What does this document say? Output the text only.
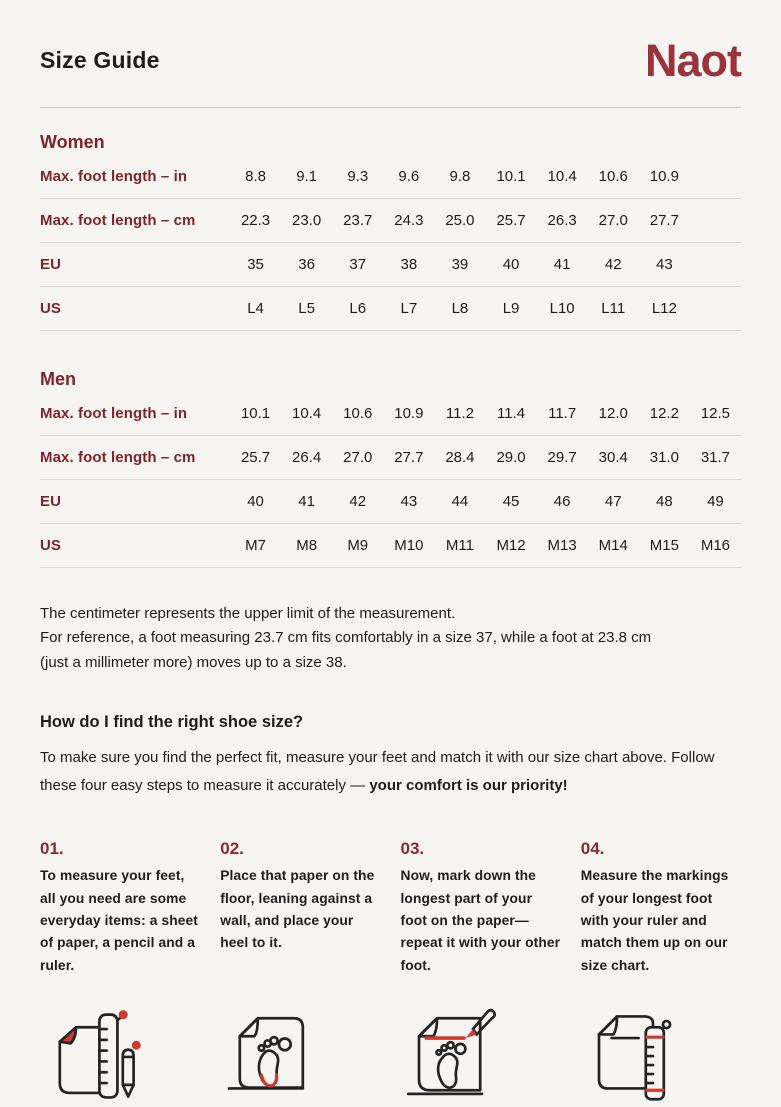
Size Guide	Naot
Women
Max. foot length – in	8.8	9.1	9.3	9.6	9.8	10.1	10.4	10.6	10.9
Max. foot length – cm	22.3	23.0	23.7	24.3	25.0	25.7	26.3	27.0	27.7
EU	35	36	37	38	39	40	41	42	43
US	L4	L5	L6	L7	L8	L9	L10	L11	L12
Men
Max. foot length – in	10.1	10.4	10.6	10.9	11.2	11.4	11.7	12.0	12.2	12.5
Max. foot length – cm	25.7	26.4	27.0	27.7	28.4	29.0	29.7	30.4	31.0	31.7
EU	40	41	42	43	44	45	46	47	48	49
US	M7	M8	M9	M10	M11	M12	M13	M14	M15	M16
The centimeter represents the upper limit of the measurement.
For reference, a foot measuring 23.7 cm fits comfortably in a size 37, while a foot at 23.8 cm
(just a millimeter more) moves up to a size 38.
How do I find the right shoe size?
To make sure you find the perfect fit, measure your feet and match it with our size chart above. Follow these four easy steps to measure it accurately — your comfort is our priority!
01.
To measure your feet, all you need are some everyday items: a sheet of paper, a pencil and a ruler.
02.
Place that paper on the floor, leaning against a wall, and place your heel to it.
03.
Now, mark down the longest part of your foot on the paper—repeat it with your other foot.
04.
Measure the markings of your longest foot with your ruler and match them up on our size chart.
